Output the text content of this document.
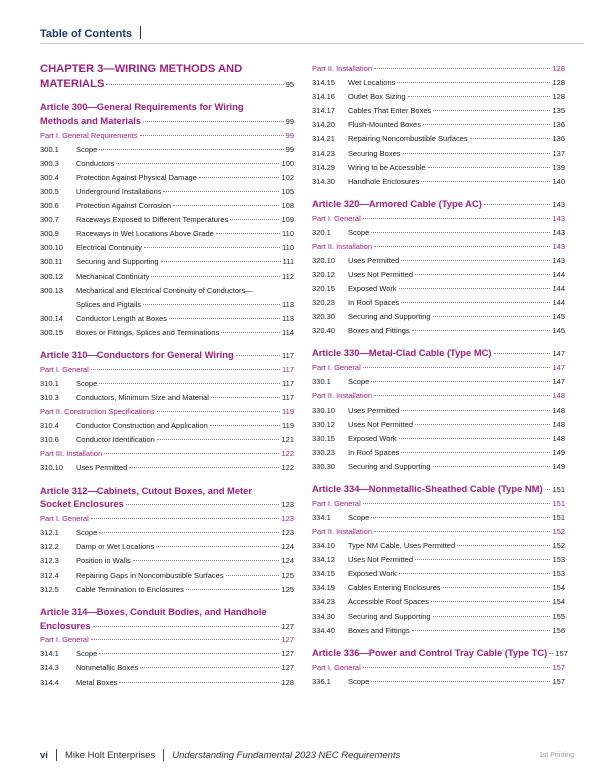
Table of Contents
CHAPTER 3—WIRING METHODS AND
MATERIALS	95
Article 300—General Requirements for Wiring
Methods and Materials	99
Part I. General Requirements	99
300.1	Scope	99
300.3	Conductors	100
300.4	Protection Against Physical Damage	102
300.5	Underground Installations	105
300.6	Protection Against Corrosion	108
300.7	Raceways Exposed to Different Temperatures	109
300.9	Raceways in Wet Locations Above Grade	110
300.10	Electrical Continuity	110
300.11	Securing and Supporting	111
300.12	Mechanical Continuity	112
300.13	Mechanical and Electrical Continuity of Conductors—
Splices and Pigtails	113
300.14	Conductor Length at Boxes	113
300.15	Boxes or Fittings, Splices and Terminations	114
Article 310—Conductors for General Wiring	117
Part I. General	117
310.1	Scope	117
310.3	Conductors, Minimum Size and Material	117
Part II. Construction Specifications	119
310.4	Conductor Construction and Application	119
310.6	Conductor Identification	121
Part III. Installation	122
310.10	Uses Permitted	122
Article 312—Cabinets, Cutout Boxes, and Meter
Socket Enclosures	123
Part I. General	123
312.1	Scope	123
312.2	Damp or Wet Locations	124
312.3	Position in Walls	124
312.4	Repairing Gaps in Noncombustible Surfaces	125
312.5	Cable Termination to Enclosures	125
Article 314—Boxes, Conduit Bodies, and Handhole
Enclosures	127
Part I. General	127
314.1	Scope	127
314.3	Nonmetallic Boxes	127
314.4	Metal Boxes	128
Part II. Installation	128
314.15	Wet Locations	128
314.16	Outlet Box Sizing	128
314.17	Cables That Enter Boxes	135
314.20	Flush-Mounted Boxes	136
314.21	Repairing Noncombustible Surfaces	136
314.23	Securing Boxes	137
314.29	Wiring to be Accessible	139
314.30	Handhole Enclosures	140
Article 320—Armored Cable (Type AC)	143
Part I. General	143
320.1	Scope	143
Part II. Installation	143
320.10	Uses Permitted	143
320.12	Uses Not Permitted	144
320.15	Exposed Work	144
320.23	In Roof Spaces	144
320.30	Securing and Supporting	145
320.40	Boxes and Fittings	145
Article 330—Metal-Clad Cable (Type MC)	147
Part I. General	147
330.1	Scope	147
Part II. Installation	148
330.10	Uses Permitted	148
330.12	Uses Not Permitted	148
330.15	Exposed Work	148
330.23	In Roof Spaces	149
330.30	Securing and Supporting	149
Article 334—Nonmetallic-Sheathed Cable (Type NM) 151
Part I. General	151
334.1	Scope	151
Part II. Installation	152
334.10	Type NM Cable, Uses Permitted	152
334.12	Uses Not Permitted	153
334.15	Exposed Work	153
334.19	Cables Entering Enclosures	154
334.23	Accessible Roof Spaces	154
334.30	Securing and Supporting	155
334.40	Boxes and Fittings	156
Article 336—Power and Control Tray Cable (Type TC) 157
Part I. General	157
336.1	Scope	157
vi Mike Holt Enterprises Understanding Fundamental 2023 NEC Requirements	1st Printing
